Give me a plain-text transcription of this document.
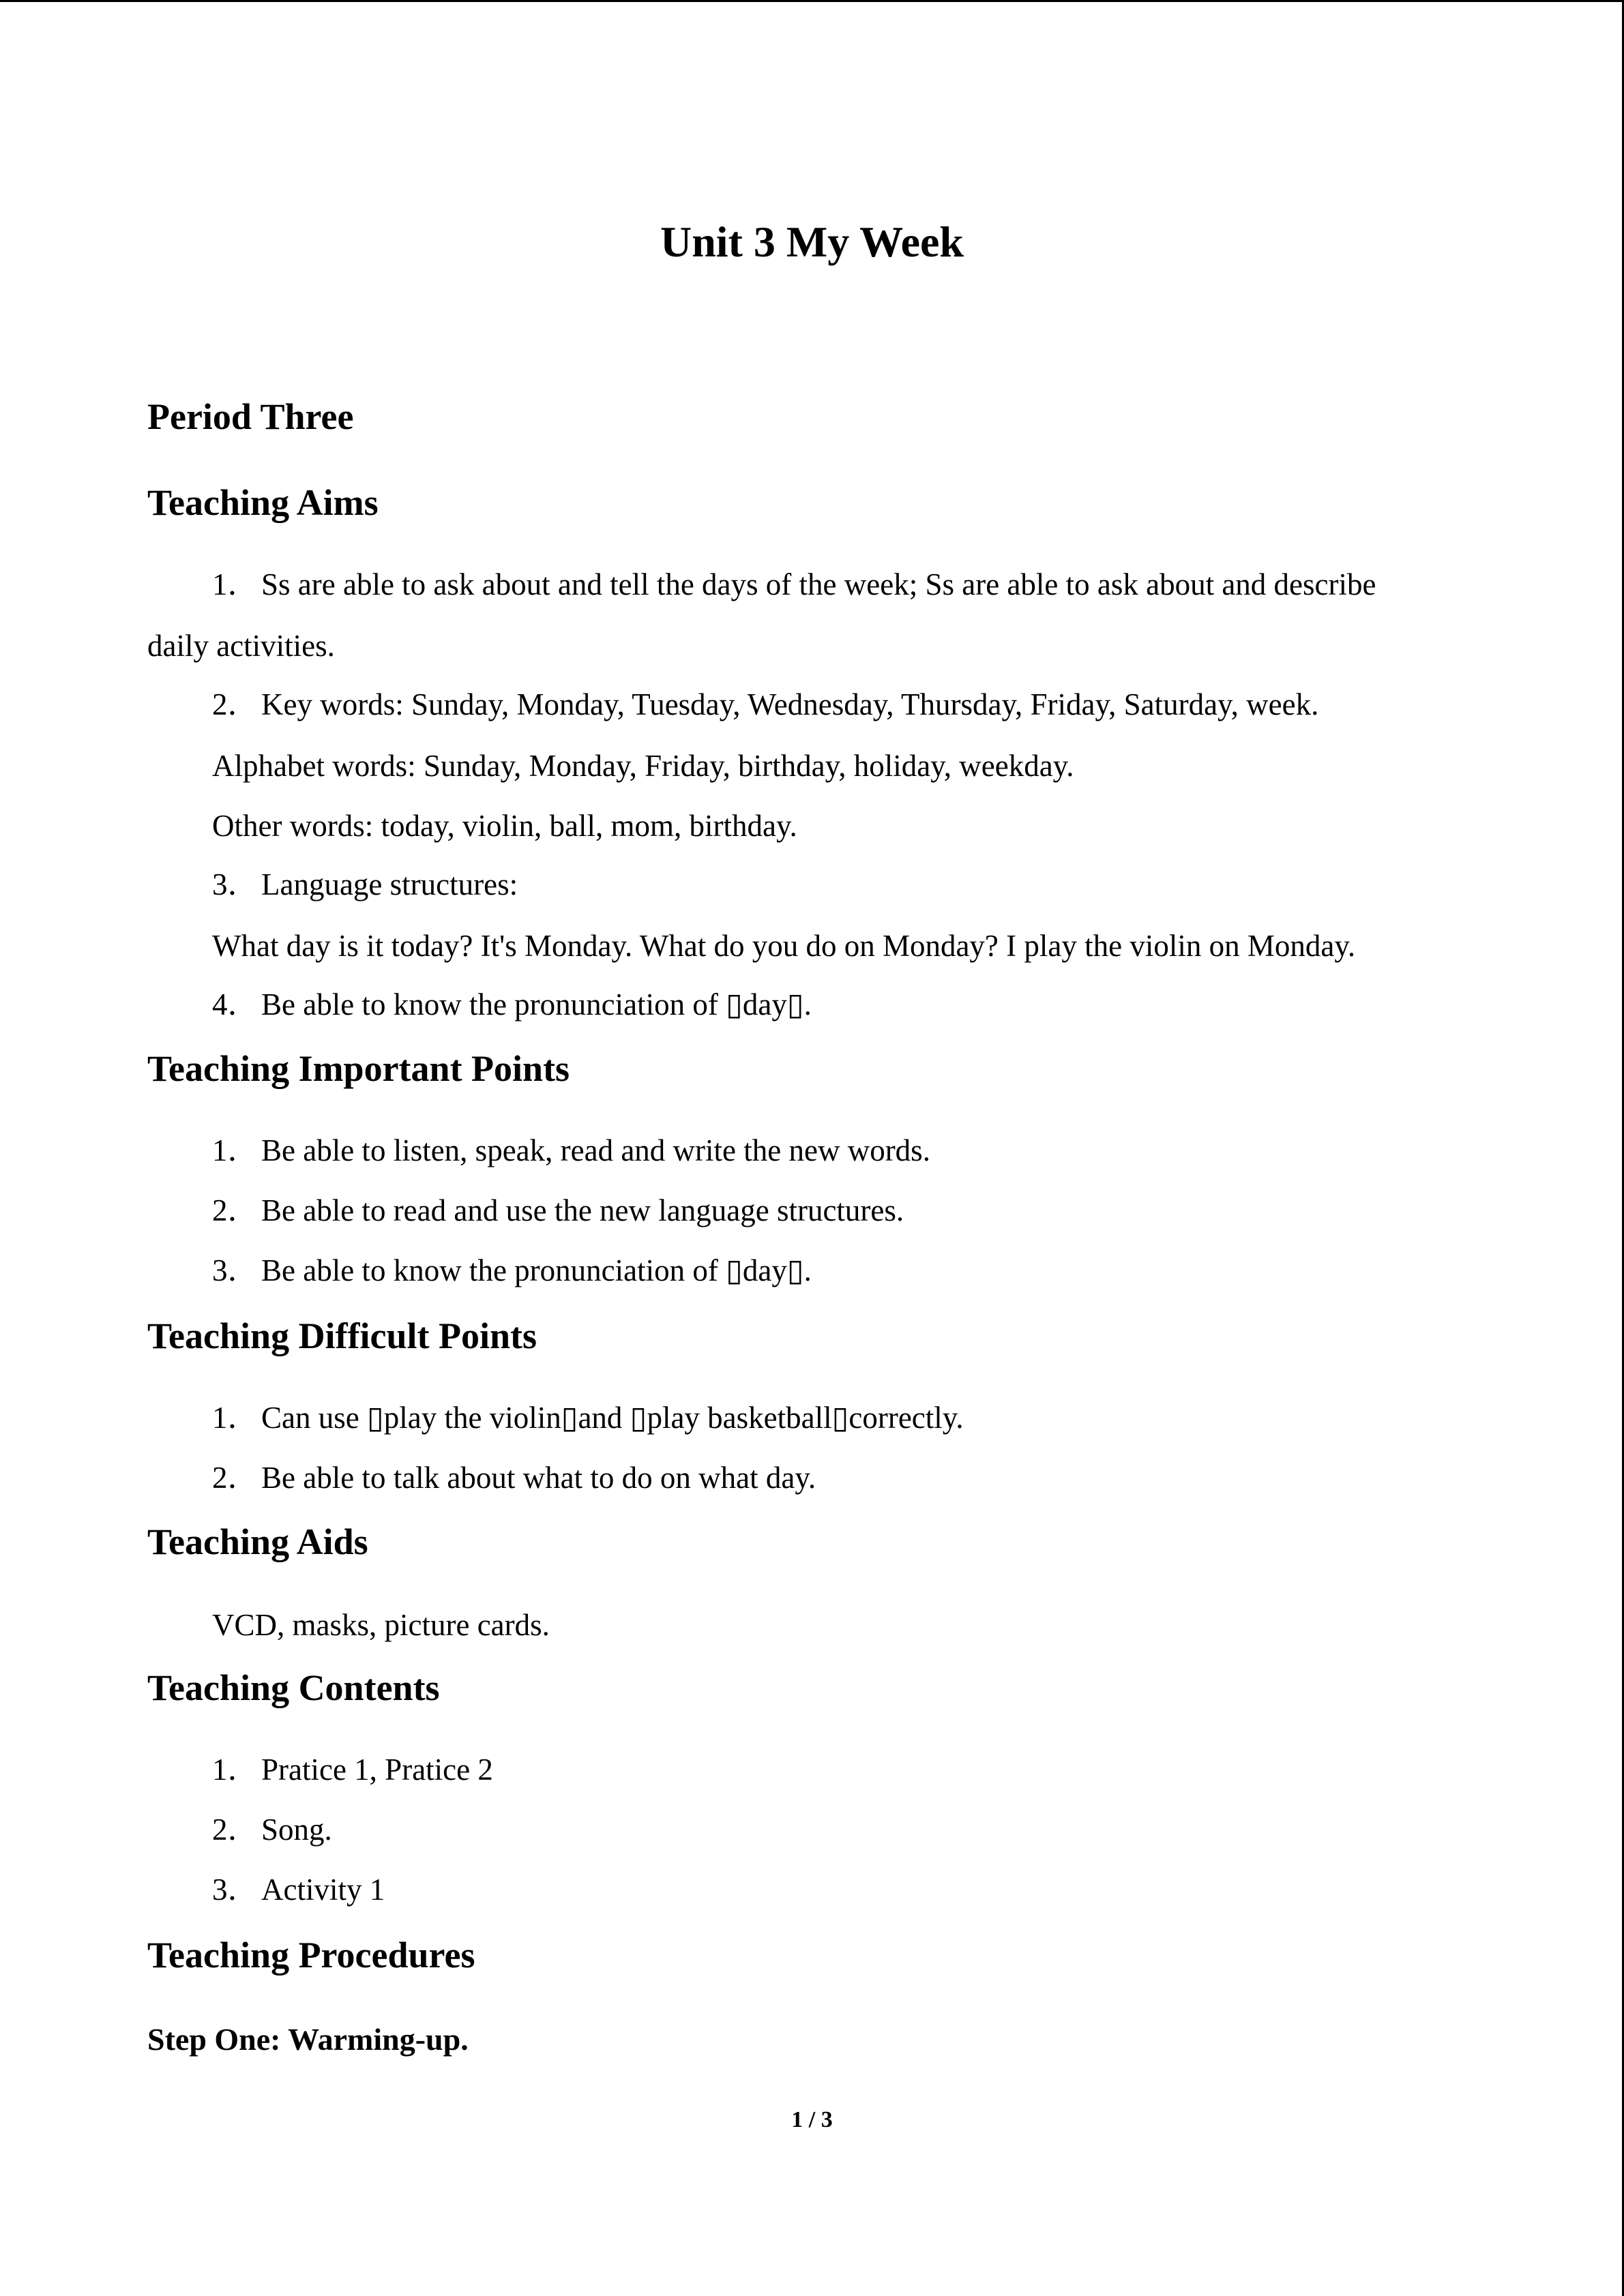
Unit 3 My Week
Period Three
Teaching Aims
1．Ss are able to ask about and tell the days of the week; Ss are able to ask about and describe
daily activities.
2．Key words: Sunday, Monday, Tuesday, Wednesday, Thursday, Friday, Saturday, week.
Alphabet words: Sunday, Monday, Friday, birthday, holiday, weekday.
Other words: today, violin, ball, mom, birthday.
3．Language structures:
What day is it today? It's Monday. What do you do on Monday? I play the violin on Monday.
4．Be able to know the pronunciation of ▯day▯.
Teaching Important Points
1．Be able to listen, speak, read and write the new words.
2．Be able to read and use the new language structures.
3．Be able to know the pronunciation of ▯day▯.
Teaching Difficult Points
1．Can use ▯play the violin▯and ▯play basketball▯correctly.
2．Be able to talk about what to do on what day.
Teaching Aids
VCD, masks, picture cards.
Teaching Contents
1．Pratice 1, Pratice 2
2．Song.
3．Activity 1
Teaching Procedures
Step One: Warming-up.
1 / 3
